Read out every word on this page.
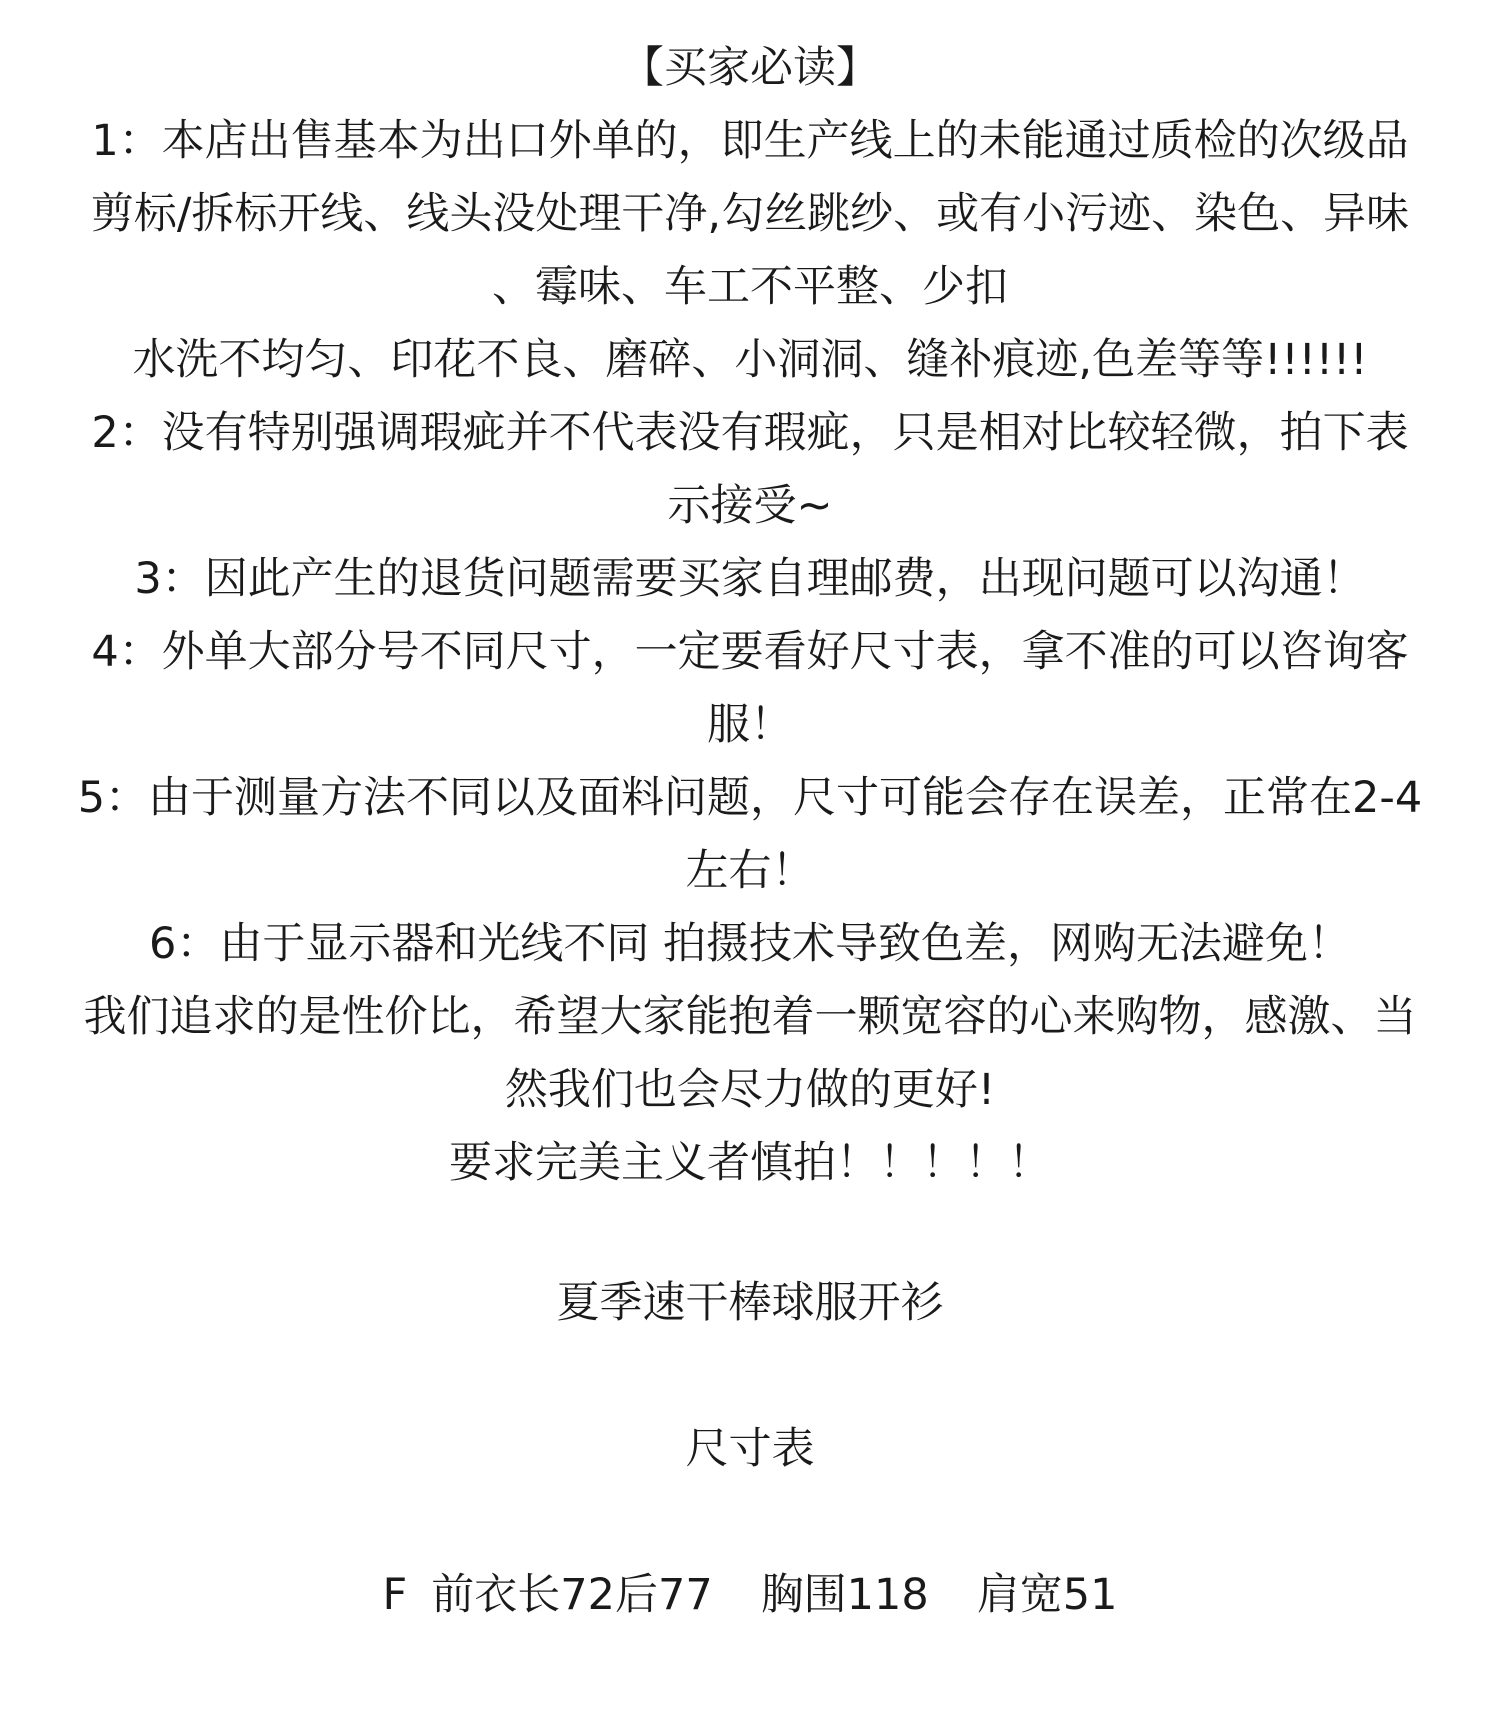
【买家必读】
1：本店出售基本为出口外单的，即生产线上的未能通过质检的次级品
剪标/拆标开线、线头没处理干净,勾丝跳纱、或有小污迹、染色、异味
、霉味、车工不平整、少扣
水洗不均匀、印花不良、磨碎、小洞洞、缝补痕迹,色差等等!!!!!!
2：没有特别强调瑕疵并不代表没有瑕疵，只是相对比较轻微，拍下表
示接受~
3：因此产生的退货问题需要买家自理邮费，出现问题可以沟通！
4：外单大部分号不同尺寸，一定要看好尺寸表，拿不准的可以咨询客
服！
5：由于测量方法不同以及面料问题，尺寸可能会存在误差，正常在2-4
左右！
6：由于显示器和光线不同 拍摄技术导致色差，网购无法避免！
我们追求的是性价比，希望大家能抱着一颗宽容的心来购物，感激、当
然我们也会尽力做的更好!
要求完美主义者慎拍！！！！！
夏季速干棒球服开衫
尺寸表
F 前衣长72后77 胸围118 肩宽51
